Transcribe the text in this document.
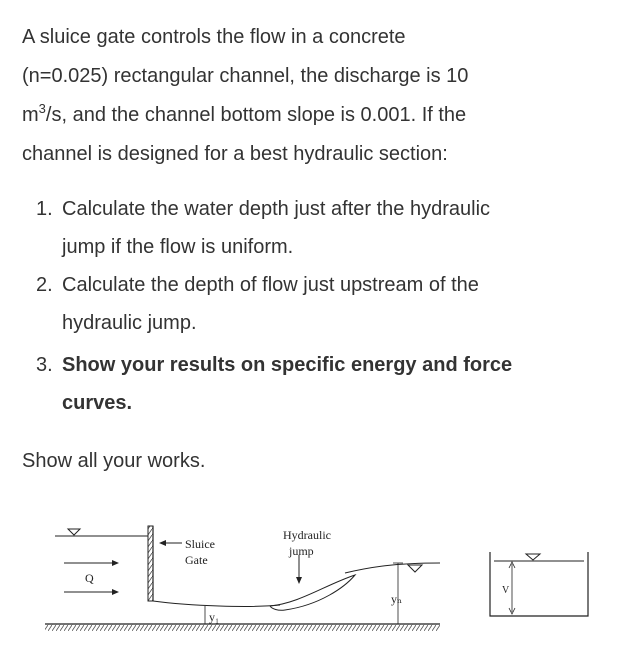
A sluice gate controls the flow in a concrete
(n=0.025) rectangular channel, the discharge is 10
$m^3/s$, and the channel bottom slope is 0.001. If the
channel is designed for a best hydraulic section:

1. Calculate the water depth just after the hydraulic
jump if the flow is uniform.
2. Calculate the depth of flow just upstream of the
hydraulic jump.
3. Show your results on specific energy and force
curves.
Show all your works.
Q
Sluice
Gate
y₁
Hydraulic
jump
yₙ
V
